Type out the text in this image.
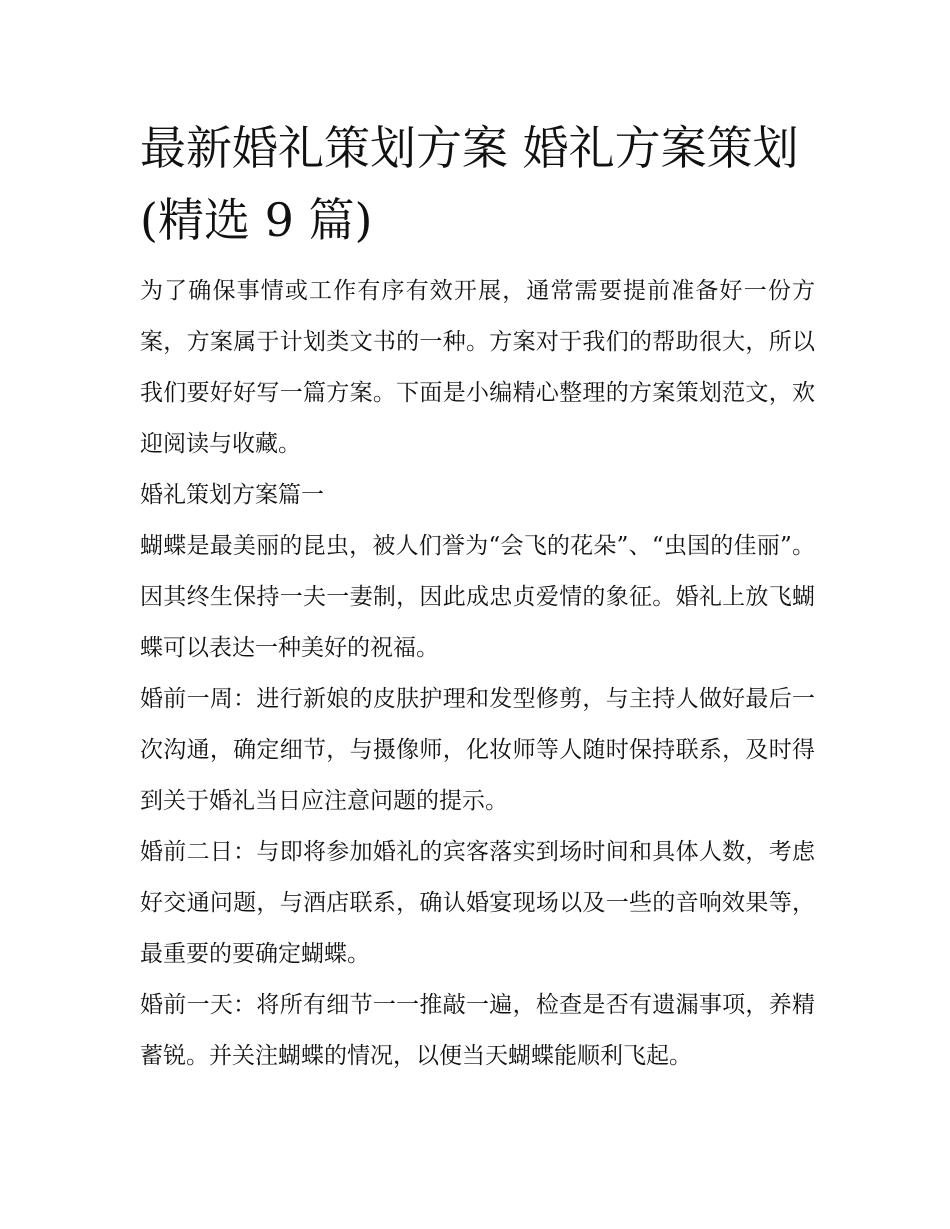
最新婚礼策划方案 婚礼方案策划(精选 9 篇)

为了确保事情或工作有序有效开展，通常需要提前准备好一份方案，方案属于计划类文书的一种。方案对于我们的帮助很大，所以我们要好好写一篇方案。下面是小编精心整理的方案策划范文，欢迎阅读与收藏。

婚礼策划方案篇一

蝴蝶是最美丽的昆虫，被人们誉为“会飞的花朵”、“虫国的佳丽”。因其终生保持一夫一妻制，因此成忠贞爱情的象征。婚礼上放飞蝴蝶可以表达一种美好的祝福。

婚前一周：进行新娘的皮肤护理和发型修剪，与主持人做好最后一次沟通，确定细节，与摄像师，化妆师等人随时保持联系，及时得到关于婚礼当日应注意问题的提示。

婚前二日：与即将参加婚礼的宾客落实到场时间和具体人数，考虑好交通问题，与酒店联系，确认婚宴现场以及一些的音响效果等，最重要的要确定蝴蝶。

婚前一天：将所有细节一一推敲一遍，检查是否有遗漏事项，养精蓄锐。并关注蝴蝶的情况，以便当天蝴蝶能顺利飞起。
